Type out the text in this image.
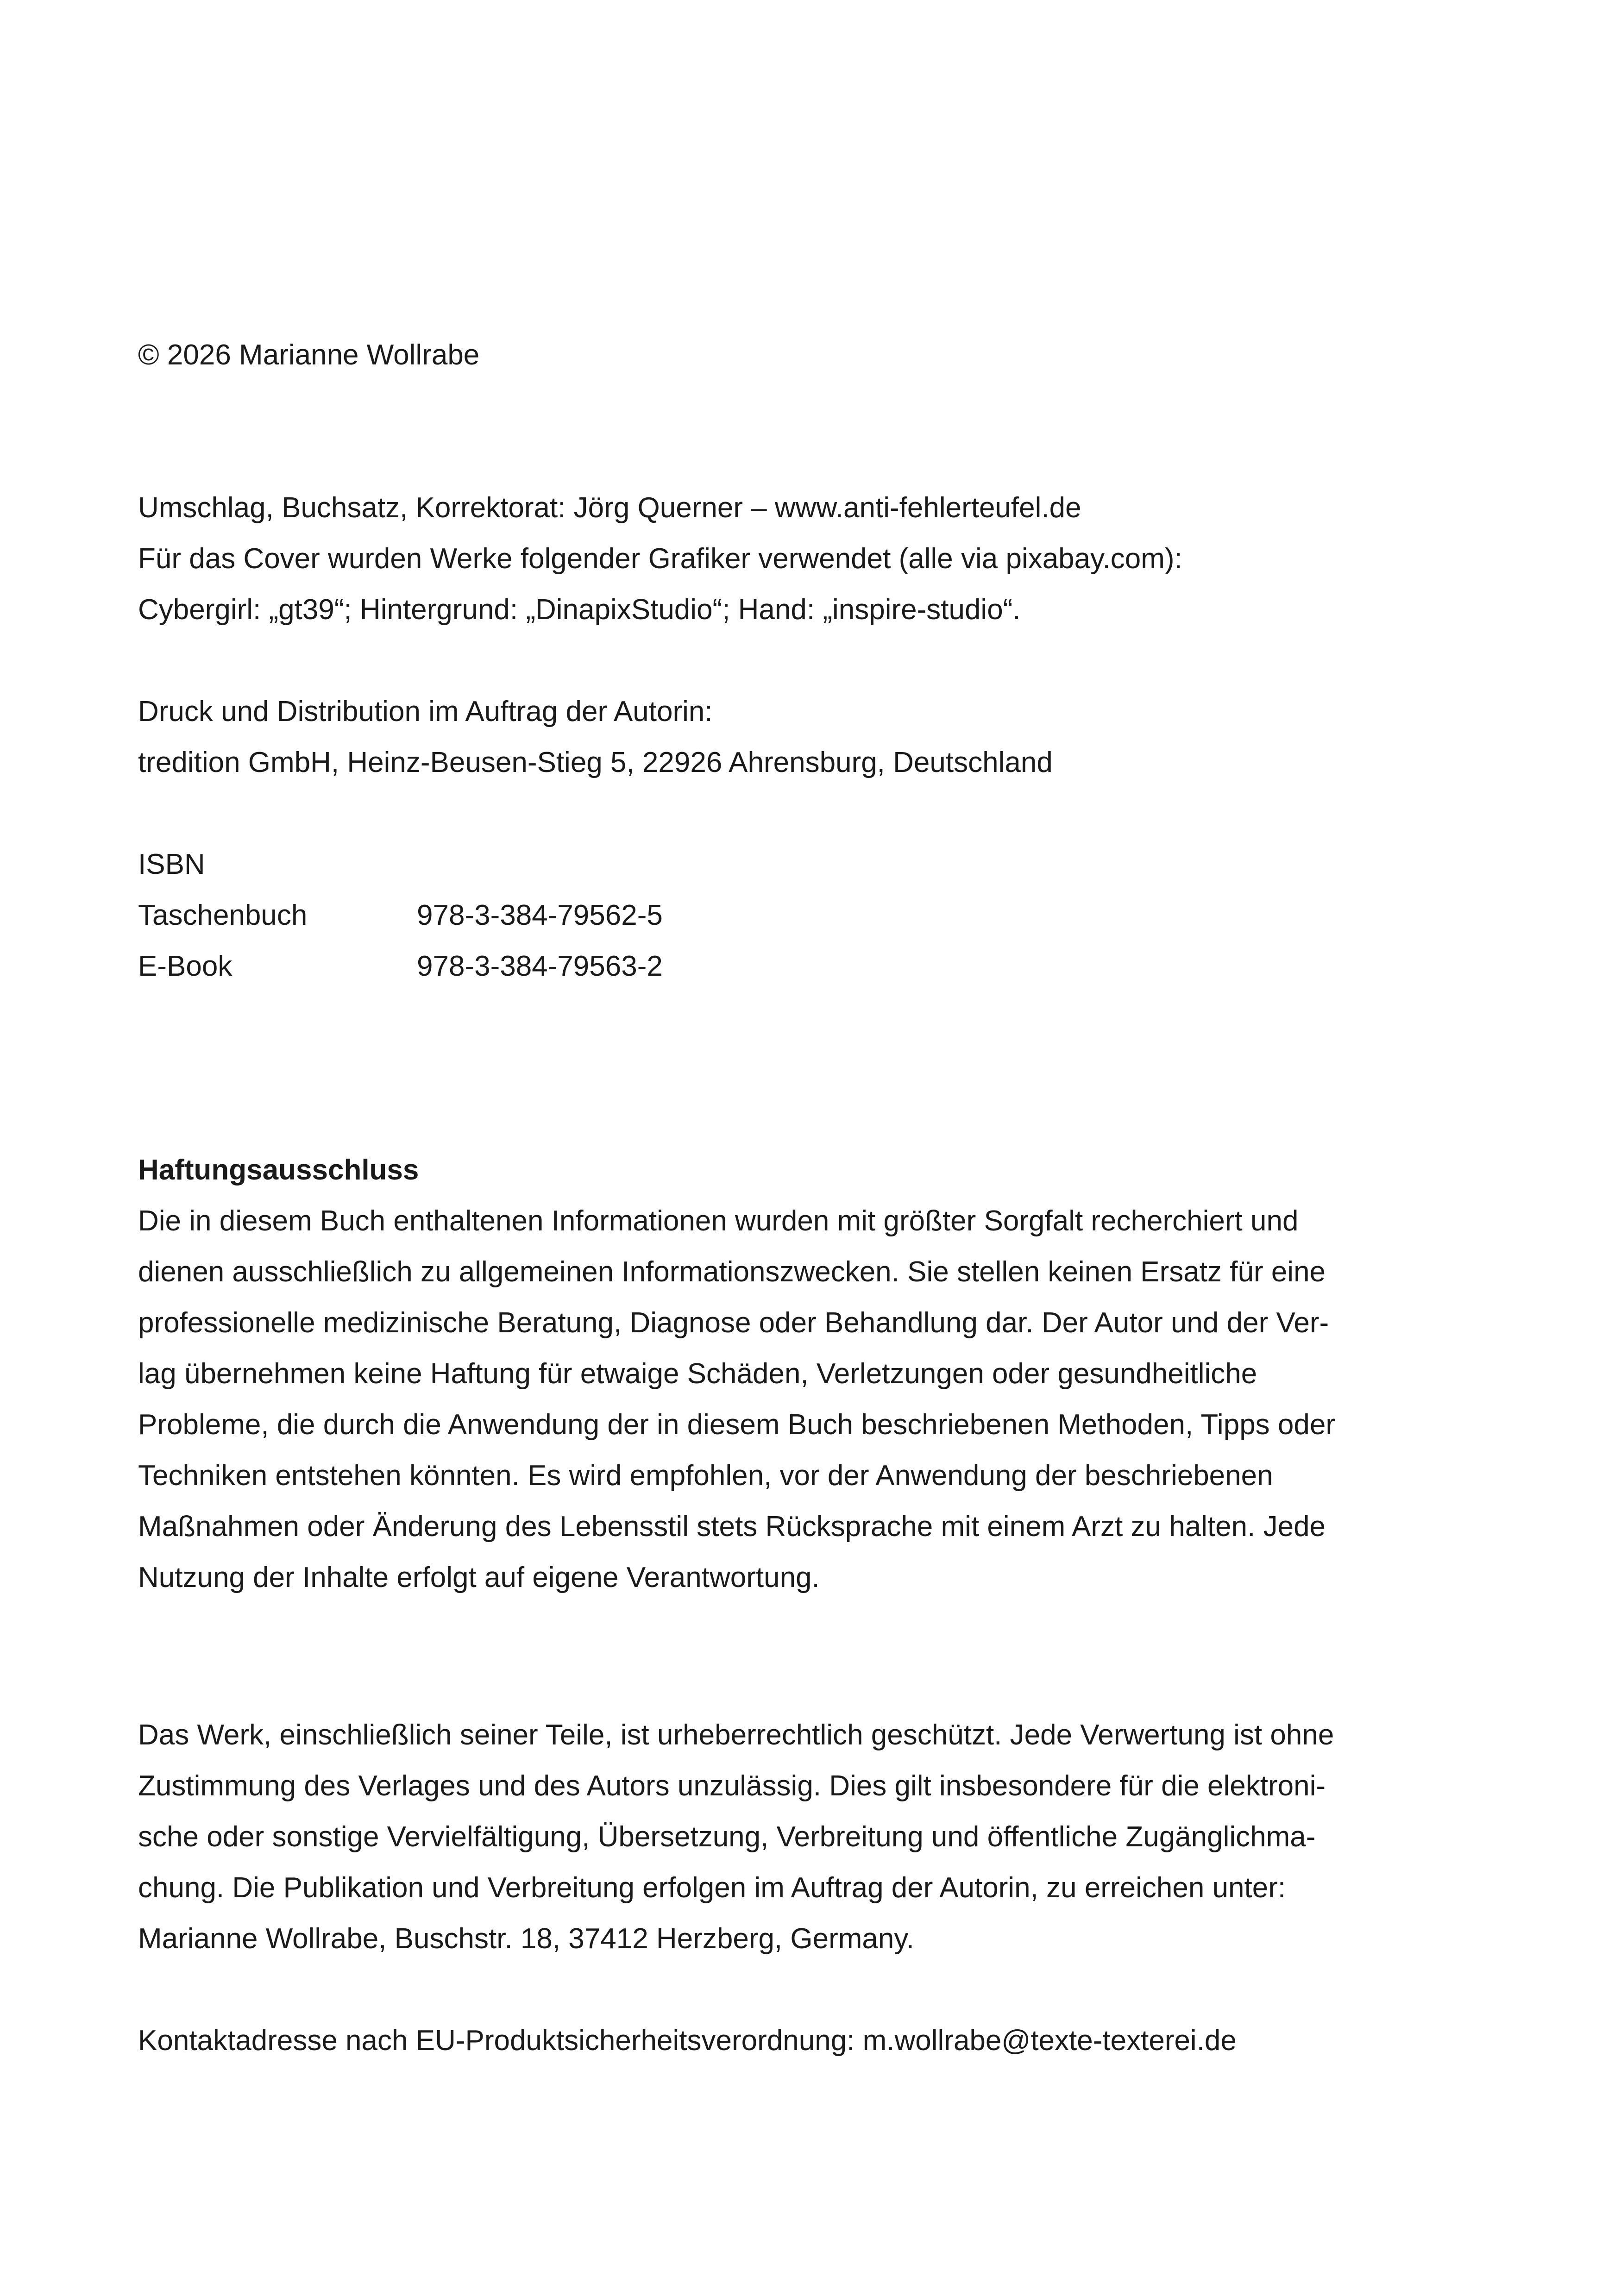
© 2026 Marianne Wollrabe
Umschlag, Buchsatz, Korrektorat: Jörg Querner – www.anti-fehlerteufel.de
Für das Cover wurden Werke folgender Grafiker verwendet (alle via pixabay.com):
Cybergirl: „gt39“; Hintergrund: „DinapixStudio“; Hand: „inspire-studio“.
Druck und Distribution im Auftrag der Autorin:
tredition GmbH, Heinz-Beusen-Stieg 5, 22926 Ahrensburg, Deutschland
ISBN
Taschenbuch	978-3-384-79562-5
E-Book	978-3-384-79563-2
Haftungsausschluss
Die in diesem Buch enthaltenen Informationen wurden mit größter Sorgfalt recherchiert und
dienen ausschließlich zu allgemeinen Informationszwecken. Sie stellen keinen Ersatz für eine
professionelle medizinische Beratung, Diagnose oder Behandlung dar. Der Autor und der Ver-
lag übernehmen keine Haftung für etwaige Schäden, Verletzungen oder gesundheitliche
Probleme, die durch die Anwendung der in diesem Buch beschriebenen Methoden, Tipps oder
Techniken entstehen könnten. Es wird empfohlen, vor der Anwendung der beschriebenen
Maßnahmen oder Änderung des Lebensstil stets Rücksprache mit einem Arzt zu halten. Jede
Nutzung der Inhalte erfolgt auf eigene Verantwortung.
Das Werk, einschließlich seiner Teile, ist urheberrechtlich geschützt. Jede Verwertung ist ohne
Zustimmung des Verlages und des Autors unzulässig. Dies gilt insbesondere für die elektroni-
sche oder sonstige Vervielfältigung, Übersetzung, Verbreitung und öffentliche Zugänglichma-
chung. Die Publikation und Verbreitung erfolgen im Auftrag der Autorin, zu erreichen unter:
Marianne Wollrabe, Buschstr. 18, 37412 Herzberg, Germany.
Kontaktadresse nach EU-Produktsicherheitsverordnung: m.wollrabe@texte-texterei.de
